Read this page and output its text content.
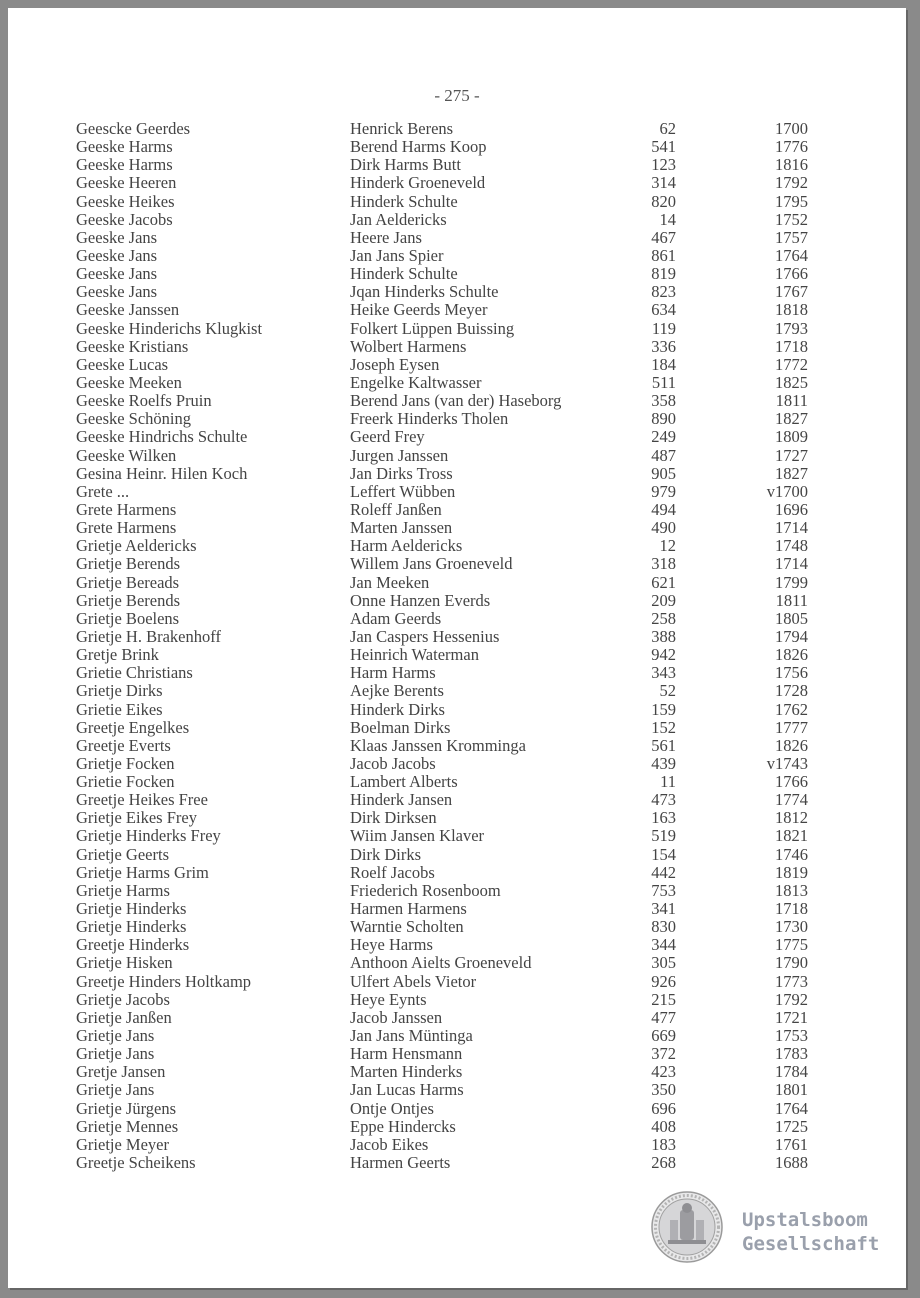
- 275 -
Geescke Geerdes	Henrick Berens	62	1700
Geeske Harms	Berend Harms Koop	541	1776
Geeske Harms	Dirk Harms Butt	123	1816
Geeske Heeren	Hinderk Groeneveld	314	1792
Geeske Heikes	Hinderk Schulte	820	1795
Geeske Jacobs	Jan Aeldericks	14	1752
Geeske Jans	Heere Jans	467	1757
Geeske Jans	Jan Jans Spier	861	1764
Geeske Jans	Hinderk Schulte	819	1766
Geeske Jans	Jqan Hinderks Schulte	823	1767
Geeske Janssen	Heike Geerds Meyer	634	1818
Geeske Hinderichs Klugkist	Folkert Lüppen Buissing	119	1793
Geeske Kristians	Wolbert Harmens	336	1718
Geeske Lucas	Joseph Eysen	184	1772
Geeske Meeken	Engelke Kaltwasser	511	1825
Geeske Roelfs Pruin	Berend Jans (van der) Haseborg	358	1811
Geeske Schöning	Freerk Hinderks Tholen	890	1827
Geeske Hindrichs Schulte	Geerd Frey	249	1809
Geeske Wilken	Jurgen Janssen	487	1727
Gesina Heinr. Hilen Koch	Jan Dirks Tross	905	1827
Grete ...	Leffert Wübben	979	v1700
Grete Harmens	Roleff Janßen	494	1696
Grete Harmens	Marten Janssen	490	1714
Grietje Aeldericks	Harm Aeldericks	12	1748
Grietje Berends	Willem Jans Groeneveld	318	1714
Grietje Bereads	Jan Meeken	621	1799
Grietje Berends	Onne Hanzen Everds	209	1811
Grietje Boelens	Adam Geerds	258	1805
Grietje H. Brakenhoff	Jan Caspers Hessenius	388	1794
Gretje Brink	Heinrich Waterman	942	1826
Grietie Christians	Harm Harms	343	1756
Grietje Dirks	Aejke Berents	52	1728
Grietie Eikes	Hinderk Dirks	159	1762
Greetje Engelkes	Boelman Dirks	152	1777
Greetje Everts	Klaas Janssen Kromminga	561	1826
Grietje Focken	Jacob Jacobs	439	v1743
Grietie Focken	Lambert Alberts	11	1766
Greetje Heikes Free	Hinderk Jansen	473	1774
Grietje Eikes Frey	Dirk Dirksen	163	1812
Grietje Hinderks Frey	Wiim Jansen Klaver	519	1821
Grietje Geerts	Dirk Dirks	154	1746
Grietje Harms Grim	Roelf Jacobs	442	1819
Grietje Harms	Friederich Rosenboom	753	1813
Grietje Hinderks	Harmen Harmens	341	1718
Grietje Hinderks	Warntie Scholten	830	1730
Greetje Hinderks	Heye Harms	344	1775
Grietje Hisken	Anthoon Aielts Groeneveld	305	1790
Greetje Hinders Holtkamp	Ulfert Abels Vietor	926	1773
Grietje Jacobs	Heye Eynts	215	1792
Grietje Janßen	Jacob Janssen	477	1721
Grietje Jans	Jan Jans Müntinga	669	1753
Grietje Jans	Harm Hensmann	372	1783
Gretje Jansen	Marten Hinderks	423	1784
Grietje Jans	Jan Lucas Harms	350	1801
Grietje Jürgens	Ontje Ontjes	696	1764
Grietje Mennes	Eppe Hindercks	408	1725
Grietje Meyer	Jacob Eikes	183	1761
Greetje Scheikens	Harmen Geerts	268	1688
Upstalsboom
Gesellschaft
